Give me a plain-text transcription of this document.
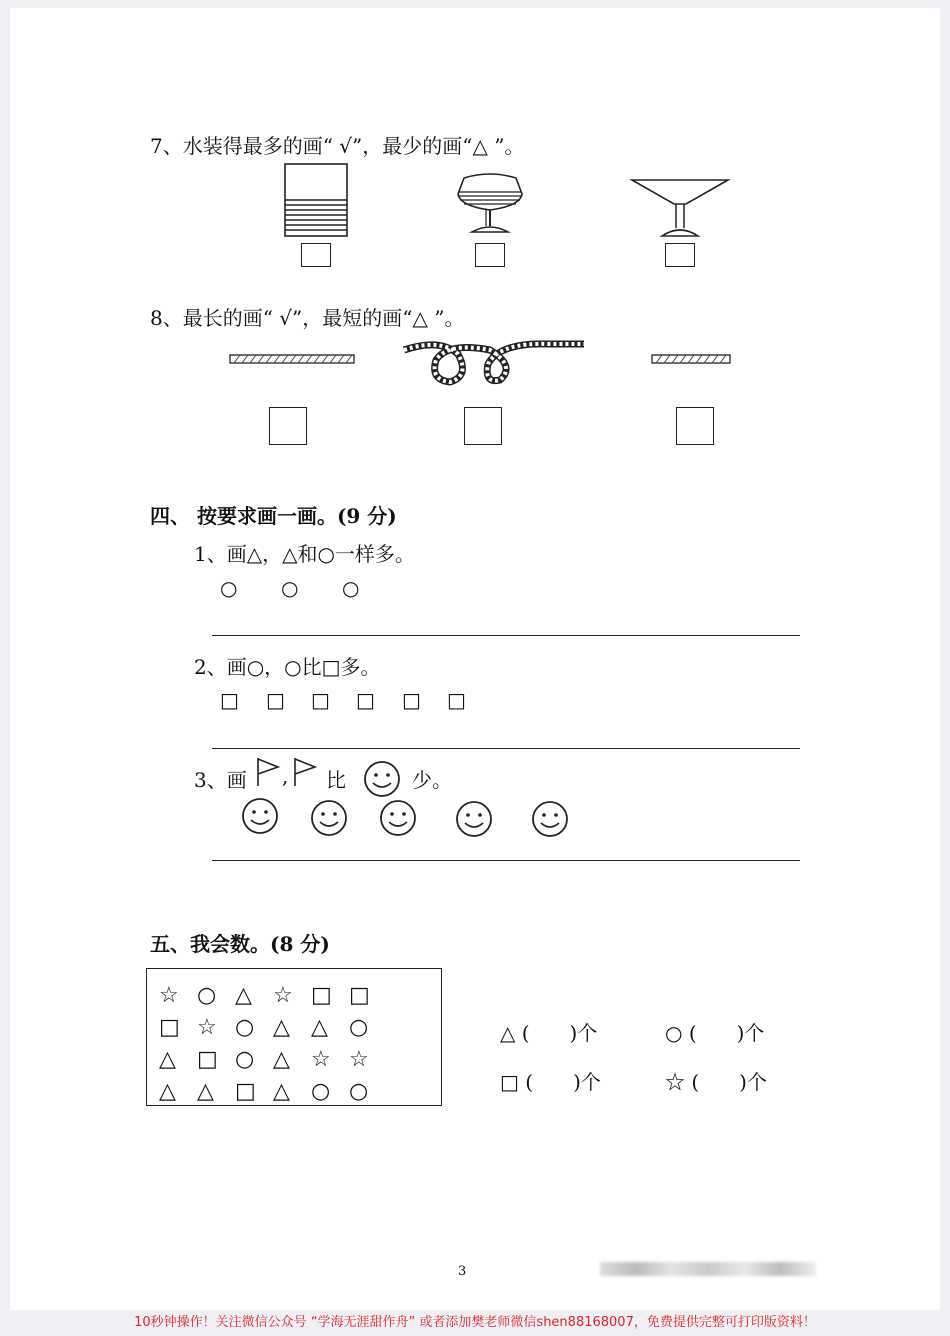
7、水装得最多的画“ √”，最少的画“△ ”。
8、最长的画“ √”，最短的画“△ ”。
四、 按要求画一画。(9 分)
1、画△，△和○一样多。
○ ○ ○
2、画○，○比□多。
□ □ □ □ □ □
3、画 , 比	少。
五、我会数。(8 分)
☆ ○ △ ☆ □ □
□ ☆ ○ △ △ ○
△ □ ○ △ ☆ ☆
△ △ □ △ ○ ○
△ (　　)个	○ (　　)个
□ (　　)个	☆ (　　)个
3
10秒钟操作！关注微信公众号 “学海无涯甜作舟” 或者添加樊老师微信shen88168007，免费提供完整可打印版资料！
